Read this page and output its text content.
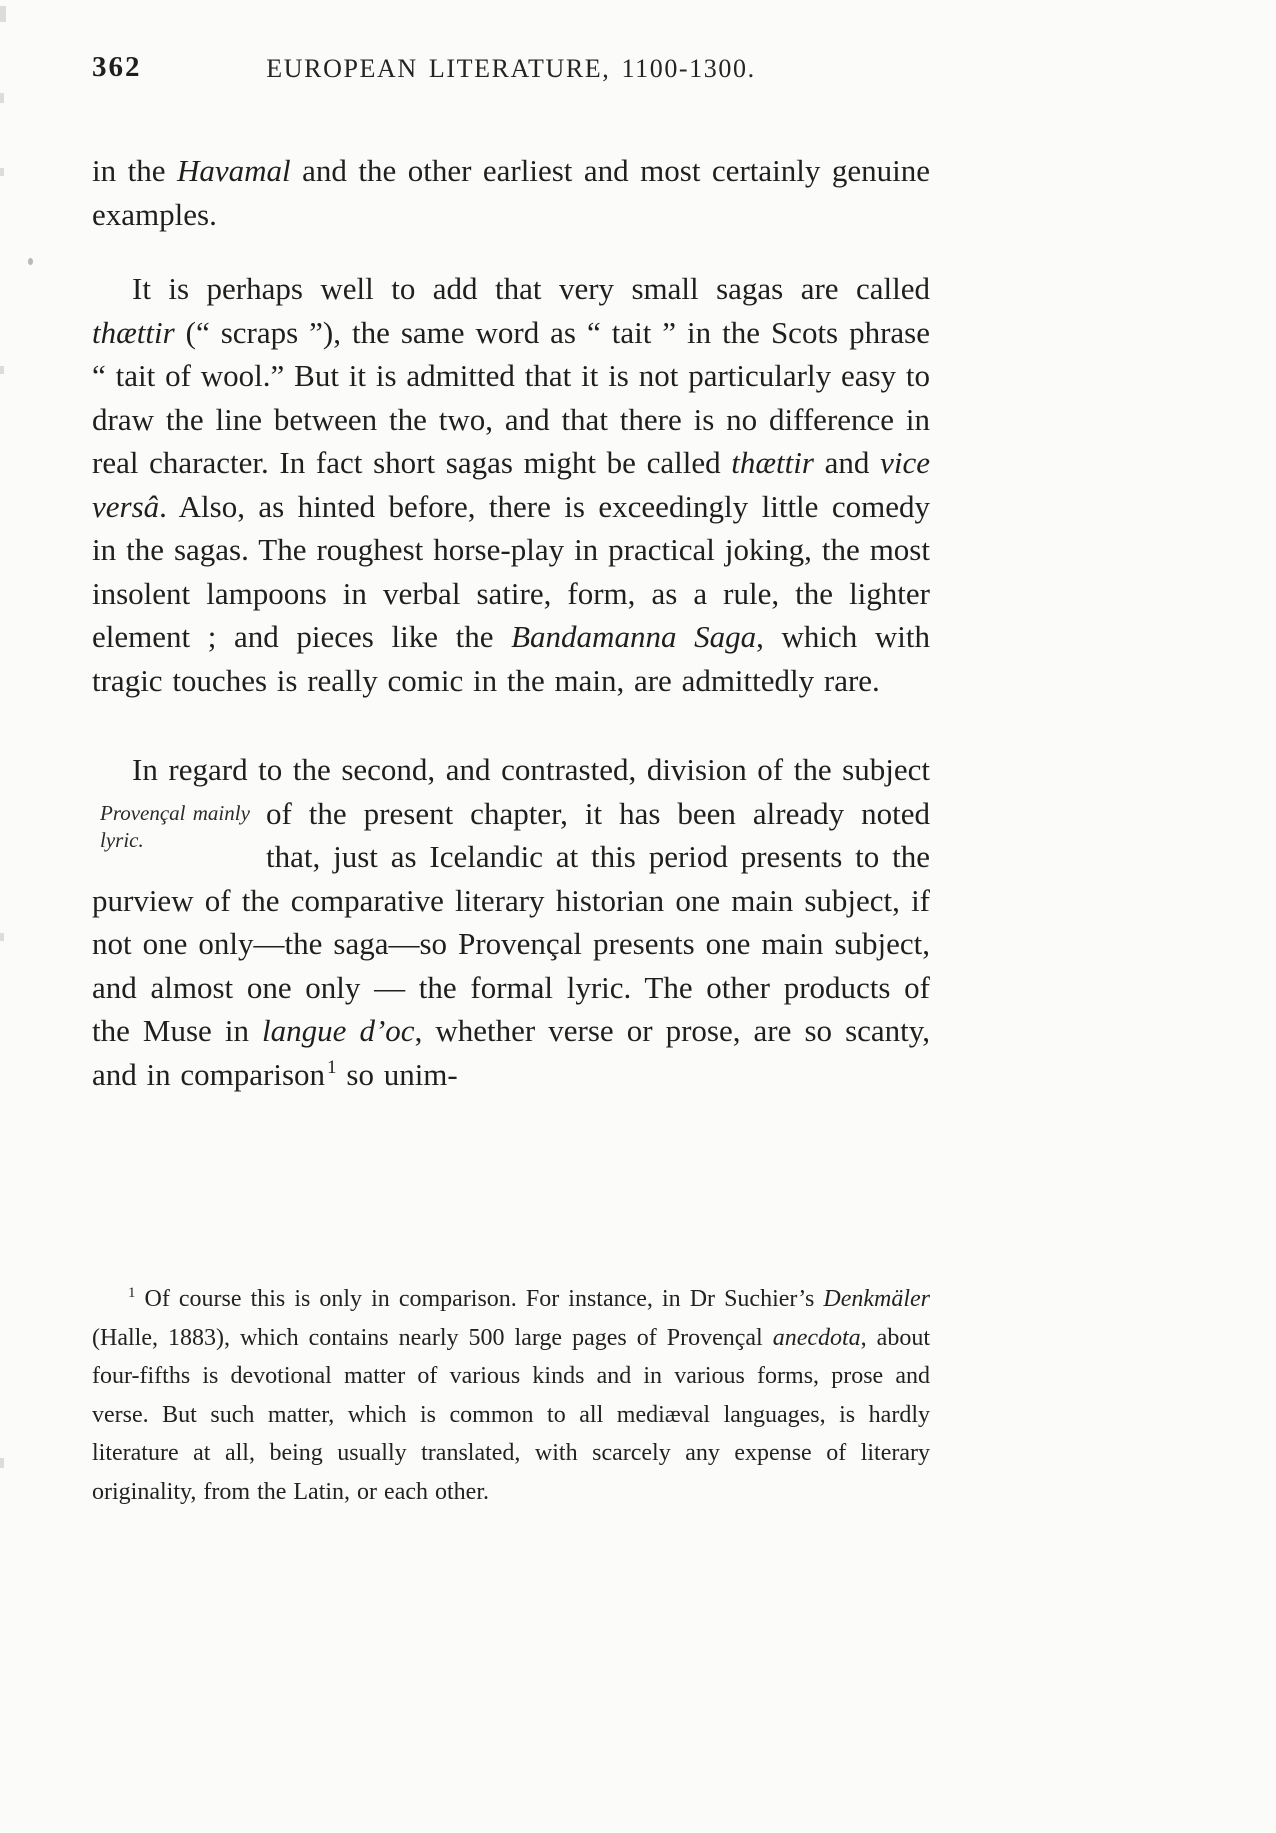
362	EUROPEAN LITERATURE, 1100-1300.

in the Havamal and the other earliest and most certainly genuine examples.

It is perhaps well to add that very small sagas are called thættir (“ scraps ”), the same word as “ tait ” in the Scots phrase “ tait of wool.” But it is admitted that it is not particularly easy to draw the line between the two, and that there is no difference in real character. In fact short sagas might be called thættir and vice versâ. Also, as hinted before, there is exceedingly little comedy in the sagas. The roughest horse-play in practical joking, the most insolent lampoons in verbal satire, form, as a rule, the lighter element ; and pieces like the Bandamanna Saga, which with tragic touches is really comic in the main, are admittedly rare.

In regard to the second, and contrasted, division of the subject of the present chapter, it has been already
Provençal mainly lyric.
noted that, just as Icelandic at this period presents to the purview of the comparative literary historian one main subject, if not one only—the saga—so Provençal presents one main subject, and almost one only — the formal lyric. The other products of the Muse in langue d’oc, whether verse or prose, are so scanty, and in comparison $^1$ so unim-

$^1$ Of course this is only in comparison. For instance, in Dr Suchier’s Denkmäler (Halle, 1883), which contains nearly 500 large pages of Provençal anecdota, about four-fifths is devotional matter of various kinds and in various forms, prose and verse. But such matter, which is common to all mediæval languages, is hardly literature at all, being usually translated, with scarcely any expense of literary originality, from the Latin, or each other.
